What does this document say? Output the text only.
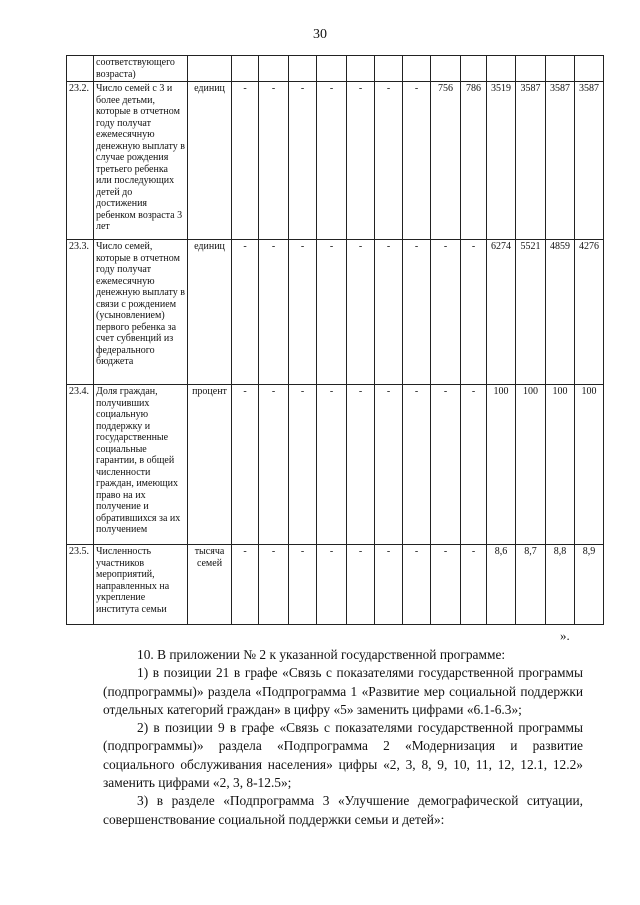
30
	соответствующего возраста)														
23.2.	Число семей с 3 и более детьми, которые в отчетном году получат ежемесячную денежную выплату в случае рождения третьего ребенка или последующих детей до достижения ребенком возраста 3 лет	единиц	-	-	-	-	-	-	-	756	786	3519	3587	3587	3587
23.3.	Число семей, которые в отчетном году получат ежемесячную денежную выплату в связи с рождением (усыновлением) первого ребенка за счет субвенций из федерального бюджета	единиц	-	-	-	-	-	-	-	-	-	6274	5521	4859	4276
23.4.	Доля граждан, получивших социальную поддержку и государственные социальные гарантии, в общей численности граждан, имеющих право на их получение и обратившихся за их получением	процент	-	-	-	-	-	-	-	-	-	100	100	100	100
23.5.	Численность участников мероприятий, направленных на укрепление института семьи	тысяча семей	-	-	-	-	-	-	-	-	-	8,6	8,7	8,8	8,9
».

10. В приложении № 2 к указанной государственной программе:

1) в позиции 21 в графе «Связь с показателями государственной программы (подпрограммы)» раздела «Подпрограмма 1 «Развитие мер социальной поддержки отдельных категорий граждан» в цифру «5» заменить цифрами «6.1-6.3»;

2) в позиции 9 в графе «Связь с показателями государственной программы (подпрограммы)» раздела «Подпрограмма 2 «Модернизация и развитие социального обслуживания населения» цифры «2, 3, 8, 9, 10, 11, 12, 12.1, 12.2» заменить цифрами «2, 3, 8-12.5»;

3) в разделе «Подпрограмма 3 «Улучшение демографической ситуации, совершенствование социальной поддержки семьи и детей»:
